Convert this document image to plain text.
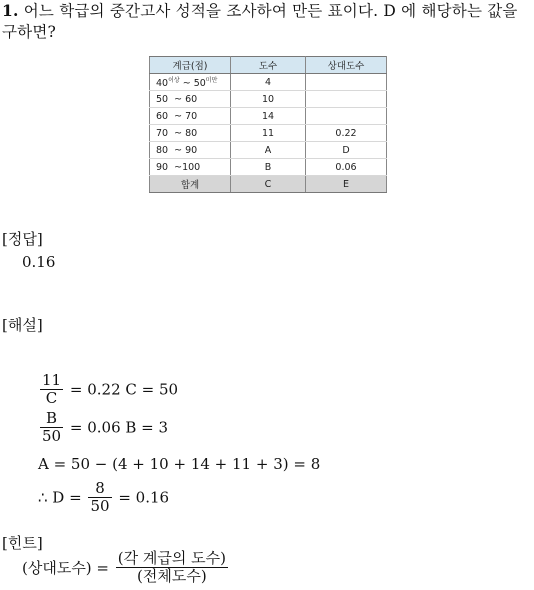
1. 어느 학급의 중간고사 성적을 조사하여 만든 표이다. D 에 해당하는 값을 구하면?
계급(점)	도수	상대도수
$40^{이상}$ ~ $50^{미만}$	4	
50  ~ 60	10	
60  ~ 70	14	
70  ~ 80	11	0.22
80  ~ 90	A	D
90  ~100	B	0.06
합계	C	E
[정답]
0.16
[해설]
$\frac{11}{C} = 0.22$ C = 50
$\frac{B}{50} = 0.06$ B = 3
A = 50 − (4 + 10 + 14 + 11 + 3) = 8
∴ $D = \frac{8}{50} = 0.16$
[힌트]
(상대도수) = $\frac{\text{(각 계급의 도수)}}{\text{(전체도수)}}$
